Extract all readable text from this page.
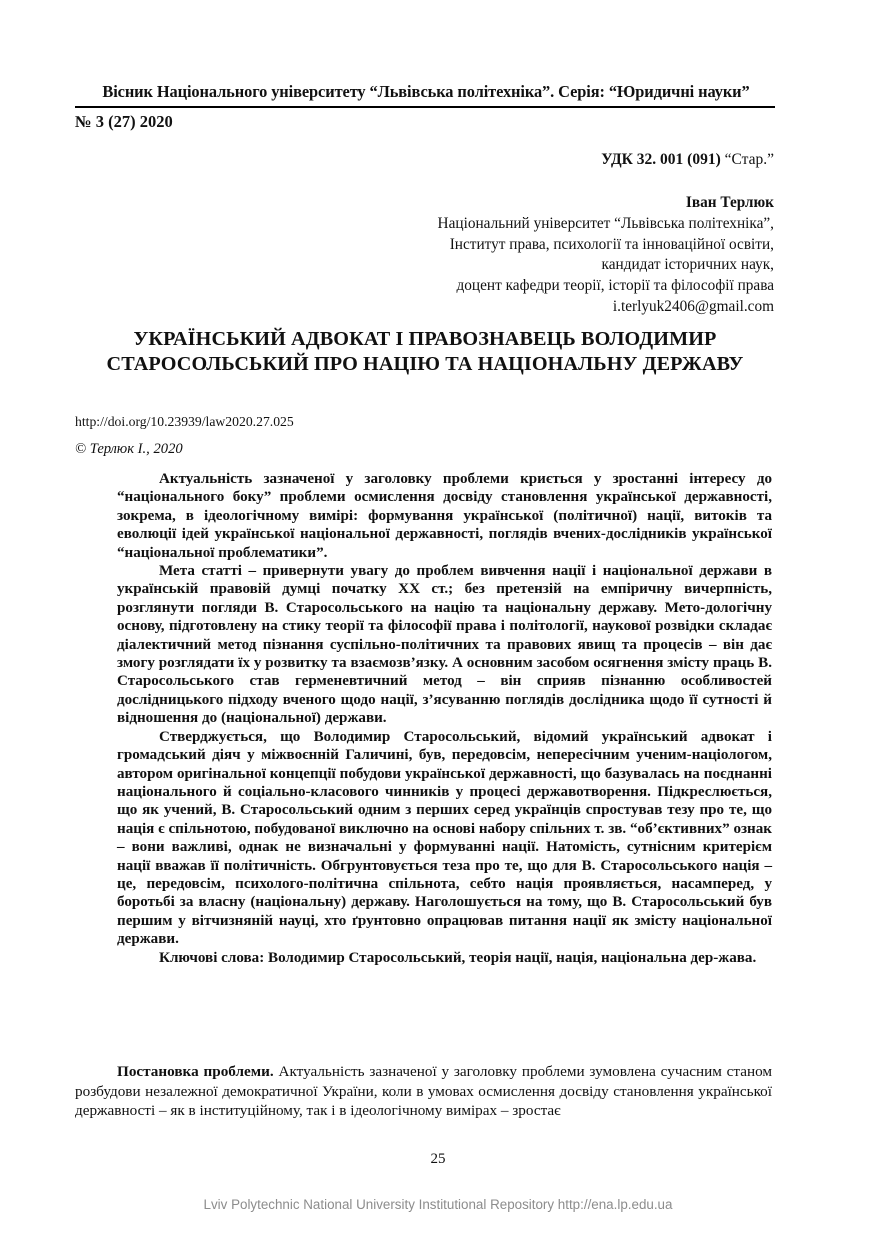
Вісник Національного університету “Львівська політехніка”. Серія: “Юридичні науки”
№ 3 (27) 2020
УДК 32. 001 (091) “Стар.”
Іван Терлюк
Національний університет “Львівська політехніка”,
Інститут права, психології та інноваційної освіти,
кандидат історичних наук,
доцент кафедри теорії, історії та філософії права
i.terlyuk2406@gmail.com
УКРАЇНСЬКИЙ АДВОКАТ І ПРАВОЗНАВЕЦЬ ВОЛОДИМИР
СТАРОСОЛЬСЬКИЙ ПРО НАЦІЮ ТА НАЦІОНАЛЬНУ ДЕРЖАВУ
http://doi.org/10.23939/law2020.27.025
© Терлюк І., 2020

Актуальність зазначеної у заголовку проблеми криється у зростанні інтересу до “національного боку” проблеми осмислення досвіду становлення української державності, зокрема, в ідеологічному вимірі: формування української (політичної) нації, витоків та еволюції ідей української національної державності, поглядів вчених-дослідників української “національної проблематики”.

Мета статті – привернути увагу до проблем вивчення нації і національної держави в українській правовій думці початку ХХ ст.; без претензій на емпіричну вичерпність, розглянути погляди В. Старосольського на націю та національну державу. Мето-дологічну основу, підготовлену на стику теорії та філософії права і політології, наукової розвідки складає діалектичний метод пізнання суспільно-політичних та правових явищ та процесів – він дає змогу розглядати їх у розвитку та взаємозв’язку. А основним засобом осягнення змісту праць В. Старосольського став герменевтичний метод – він сприяв пізнанню особливостей дослідницького підходу вченого щодо нації, з’ясуванню поглядів дослідника щодо її сутності й відношення до (національної) держави.

Стверджується, що Володимир Старосольський, відомий український адвокат і громадський діяч у міжвоєнній Галичині, був, передовсім, непересічним ученим-націологом, автором оригінальної концепції побудови української державності, що базувалась на поєднанні національного й соціально-класового чинників у процесі державотворення. Підкреслюється, що як учений, В. Старосольський одним з перших серед українців спростував тезу про те, що нація є спільнотою, побудованої виключно на основі набору спільних т. зв. “об’єктивних” ознак – вони важливі, однак не визначальні у формуванні нації. Натомість, сутнісним критерієм нації вважав її політичність. Обгрунтовується теза про те, що для В. Старосольського нація – це, передовсім, психолого-політична спільнота, себто нація проявляється, насамперед, у боротьбі за власну (національну) державу. Наголошується на тому, що В. Старосольський був першим у вітчизняній науці, хто ґрунтовно опрацював питання нації як змісту національної держави.

Ключові слова: Володимир Старосольський, теорія нації, нація, національна дер-жава.

Постановка проблеми. Актуальність зазначеної у заголовку проблеми зумовлена сучасним станом розбудови незалежної демократичної України, коли в умовах осмислення досвіду становлення української державності – як в інституційному, так і в ідеологічному вимірах – зростає

25
Lviv Polytechnic National University Institutional Repository http://ena.lp.edu.ua
